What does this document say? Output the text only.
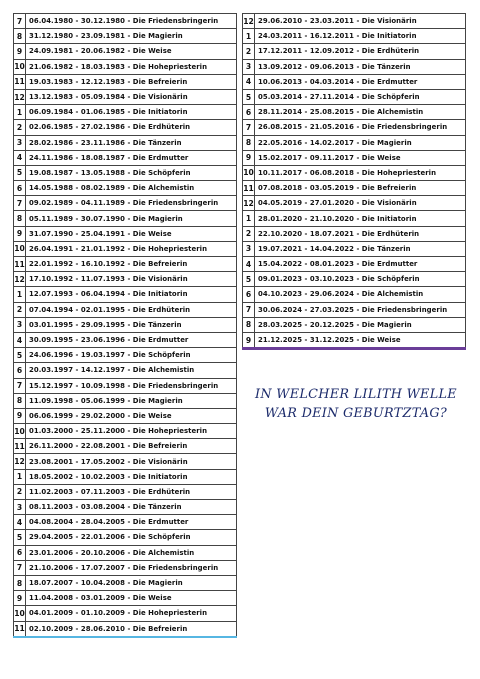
7 06.04.1980 - 30.12.1980 - Die Friedensbringerin
8 31.12.1980 - 23.09.1981 - Die Magierin
9 24.09.1981 - 20.06.1982 - Die Weise
10 21.06.1982 - 18.03.1983 - Die Hohepriesterin
11 19.03.1983 - 12.12.1983 - Die Befreierin
12 13.12.1983 - 05.09.1984 - Die Visionärin
1 06.09.1984 - 01.06.1985 - Die Initiatorin
2 02.06.1985 - 27.02.1986 - Die Erdhüterin
3 28.02.1986 - 23.11.1986 - Die Tänzerin
4 24.11.1986 - 18.08.1987 - Die Erdmutter
5 19.08.1987 - 13.05.1988 - Die Schöpferin
6 14.05.1988 - 08.02.1989 - Die Alchemistin
7 09.02.1989 - 04.11.1989 - Die Friedensbringerin
8 05.11.1989 - 30.07.1990 - Die Magierin
9 31.07.1990 - 25.04.1991 - Die Weise
10 26.04.1991 - 21.01.1992 - Die Hohepriesterin
11 22.01.1992 - 16.10.1992 - Die Befreierin
12 17.10.1992 - 11.07.1993 - Die Visionärin
1 12.07.1993 - 06.04.1994 - Die Initiatorin
2 07.04.1994 - 02.01.1995 - Die Erdhüterin
3 03.01.1995 - 29.09.1995 - Die Tänzerin
4 30.09.1995 - 23.06.1996 - Die Erdmutter
5 24.06.1996 - 19.03.1997 - Die Schöpferin
6 20.03.1997 - 14.12.1997 - Die Alchemistin
7 15.12.1997 - 10.09.1998 - Die Friedensbringerin
8 11.09.1998 - 05.06.1999 - Die Magierin
9 06.06.1999 - 29.02.2000 - Die Weise
10 01.03.2000 - 25.11.2000 - Die Hohepriesterin
11 26.11.2000 - 22.08.2001 - Die Befreierin
12 23.08.2001 - 17.05.2002 - Die Visionärin
1 18.05.2002 - 10.02.2003 - Die Initiatorin
2 11.02.2003 - 07.11.2003 - Die Erdhüterin
3 08.11.2003 - 03.08.2004 - Die Tänzerin
4 04.08.2004 - 28.04.2005 - Die Erdmutter
5 29.04.2005 - 22.01.2006 - Die Schöpferin
6 23.01.2006 - 20.10.2006 - Die Alchemistin
7 21.10.2006 - 17.07.2007 - Die Friedensbringerin
8 18.07.2007 - 10.04.2008 - Die Magierin
9 11.04.2008 - 03.01.2009 - Die Weise
10 04.01.2009 - 01.10.2009 - Die Hohepriesterin
11 02.10.2009 - 28.06.2010 - Die Befreierin
12 29.06.2010 - 23.03.2011 - Die Visionärin
1 24.03.2011 - 16.12.2011 - Die Initiatorin
2 17.12.2011 - 12.09.2012 - Die Erdhüterin
3 13.09.2012 - 09.06.2013 - Die Tänzerin
4 10.06.2013 - 04.03.2014 - Die Erdmutter
5 05.03.2014 - 27.11.2014 - Die Schöpferin
6 28.11.2014 - 25.08.2015 - Die Alchemistin
7 26.08.2015 - 21.05.2016 - Die Friedensbringerin
8 22.05.2016 - 14.02.2017 - Die Magierin
9 15.02.2017 - 09.11.2017 - Die Weise
10 10.11.2017 - 06.08.2018 - Die Hohepriesterin
11 07.08.2018 - 03.05.2019 - Die Befreierin
12 04.05.2019 - 27.01.2020 - Die Visionärin
1 28.01.2020 - 21.10.2020 - Die Initiatorin
2 22.10.2020 - 18.07.2021 - Die Erdhüterin
3 19.07.2021 - 14.04.2022 - Die Tänzerin
4 15.04.2022 - 08.01.2023 - Die Erdmutter
5 09.01.2023 - 03.10.2023 - Die Schöpferin
6 04.10.2023 - 29.06.2024 - Die Alchemistin
7 30.06.2024 - 27.03.2025 - Die Friedensbringerin
8 28.03.2025 - 20.12.2025 - Die Magierin
9 21.12.2025 - 31.12.2025 - Die Weise
IN WELCHER LILITH WELLE
WAR DEIN GEBURTZTAG?
